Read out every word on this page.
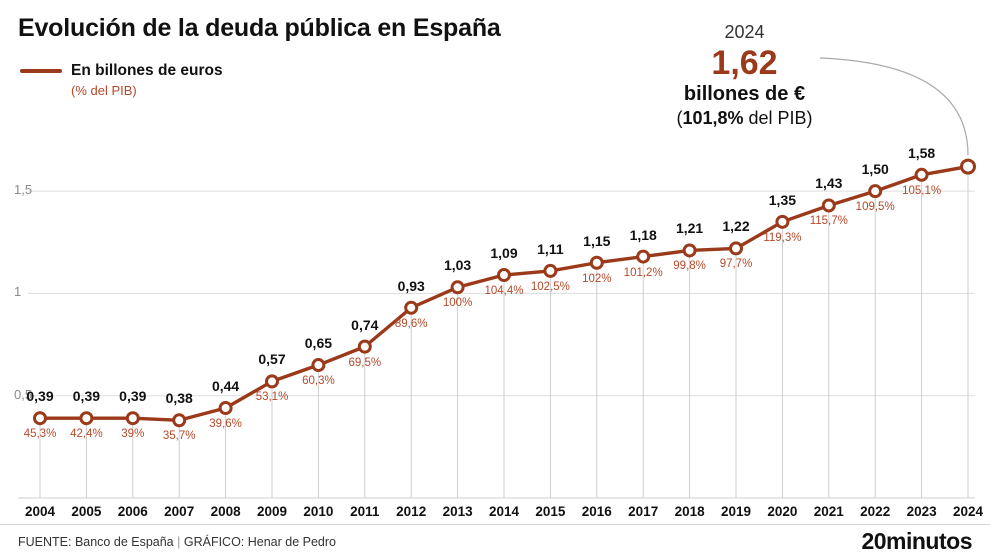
Evolución de la deuda pública en España
En billones de euros
(% del PIB)
2024
1,62
billones de €
(101,8% del PIB)
0,5
1
1,5
2004 2005 2006 2007 2008 2009 2010 2011 2012 2013 2014 2015 2016 2017 2018 2019 2020 2021 2022 2023 2024
0,39
45,3%
0,39
42,4%
0,39
39%
0,38
35,7%
0,44
39,6%
0,57
53,1%
0,65
60,3%
0,74
69,5%
0,93
89,6%
1,03
100%
1,09
104,4%
1,11
102,5%
1,15
102%
1,18
101,2%
1,21
99,8%
1,22
97,7%
1,35
119,3%
1,43
115,7%
1,50
109,5%
1,58
105,1%
FUENTE: Banco de España | GRÁFICO: Henar de Pedro	20minutos
